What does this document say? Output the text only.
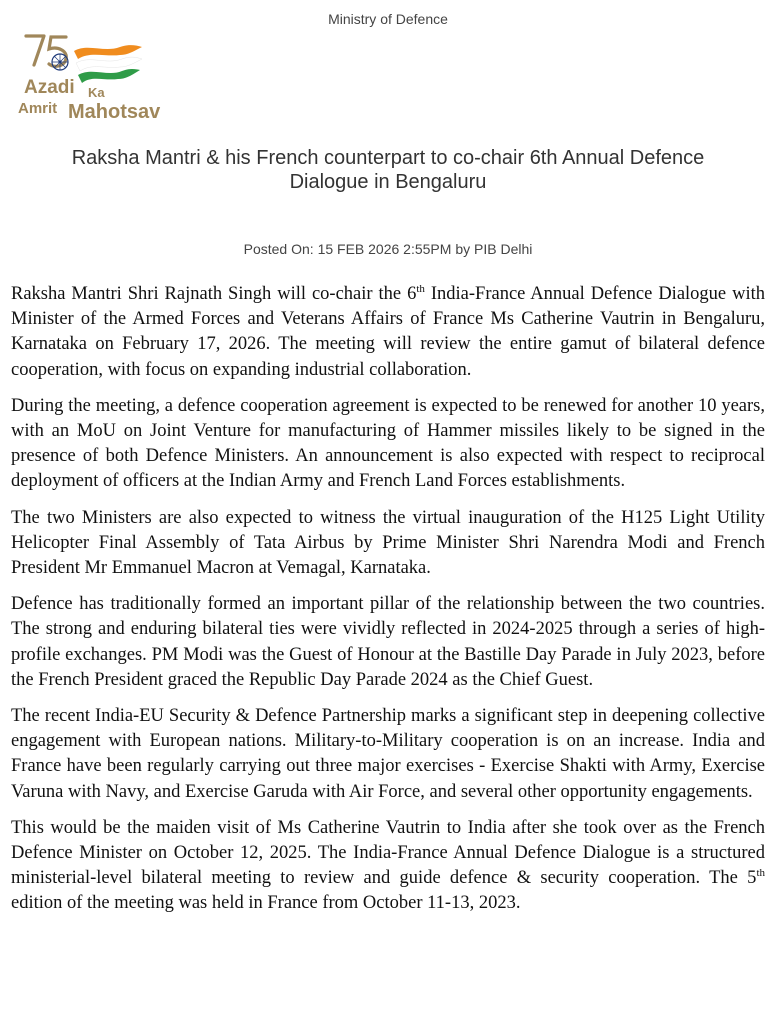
Ministry of Defence
Azadi Ka
Amrit Mahotsav
Raksha Mantri & his French counterpart to co-chair 6th Annual Defence Dialogue in Bengaluru
Posted On: 15 FEB 2026 2:55PM by PIB Delhi

Raksha Mantri Shri Rajnath Singh will co-chair the 6th India-France Annual Defence Dialogue with Minister of the Armed Forces and Veterans Affairs of France Ms Catherine Vautrin in Bengaluru, Karnataka on February 17, 2026. The meeting will review the entire gamut of bilateral defence cooperation, with focus on expanding industrial collaboration.

During the meeting, a defence cooperation agreement is expected to be renewed for another 10 years, with an MoU on Joint Venture for manufacturing of Hammer missiles likely to be signed in the presence of both Defence Ministers. An announcement is also expected with respect to reciprocal deployment of officers at the Indian Army and French Land Forces establishments.

The two Ministers are also expected to witness the virtual inauguration of the H125 Light Utility Helicopter Final Assembly of Tata Airbus by Prime Minister Shri Narendra Modi and French President Mr Emmanuel Macron at Vemagal, Karnataka.

Defence has traditionally formed an important pillar of the relationship between the two countries. The strong and enduring bilateral ties were vividly reflected in 2024-2025 through a series of high-profile exchanges. PM Modi was the Guest of Honour at the Bastille Day Parade in July 2023, before the French President graced the Republic Day Parade 2024 as the Chief Guest.

The recent India-EU Security & Defence Partnership marks a significant step in deepening collective engagement with European nations. Military-to-Military cooperation is on an increase. India and France have been regularly carrying out three major exercises - Exercise Shakti with Army, Exercise Varuna with Navy, and Exercise Garuda with Air Force, and several other opportunity engagements.

This would be the maiden visit of Ms Catherine Vautrin to India after she took over as the French Defence Minister on October 12, 2025. The India-France Annual Defence Dialogue is a structured ministerial-level bilateral meeting to review and guide defence & security cooperation. The 5th edition of the meeting was held in France from October 11-13, 2023.
